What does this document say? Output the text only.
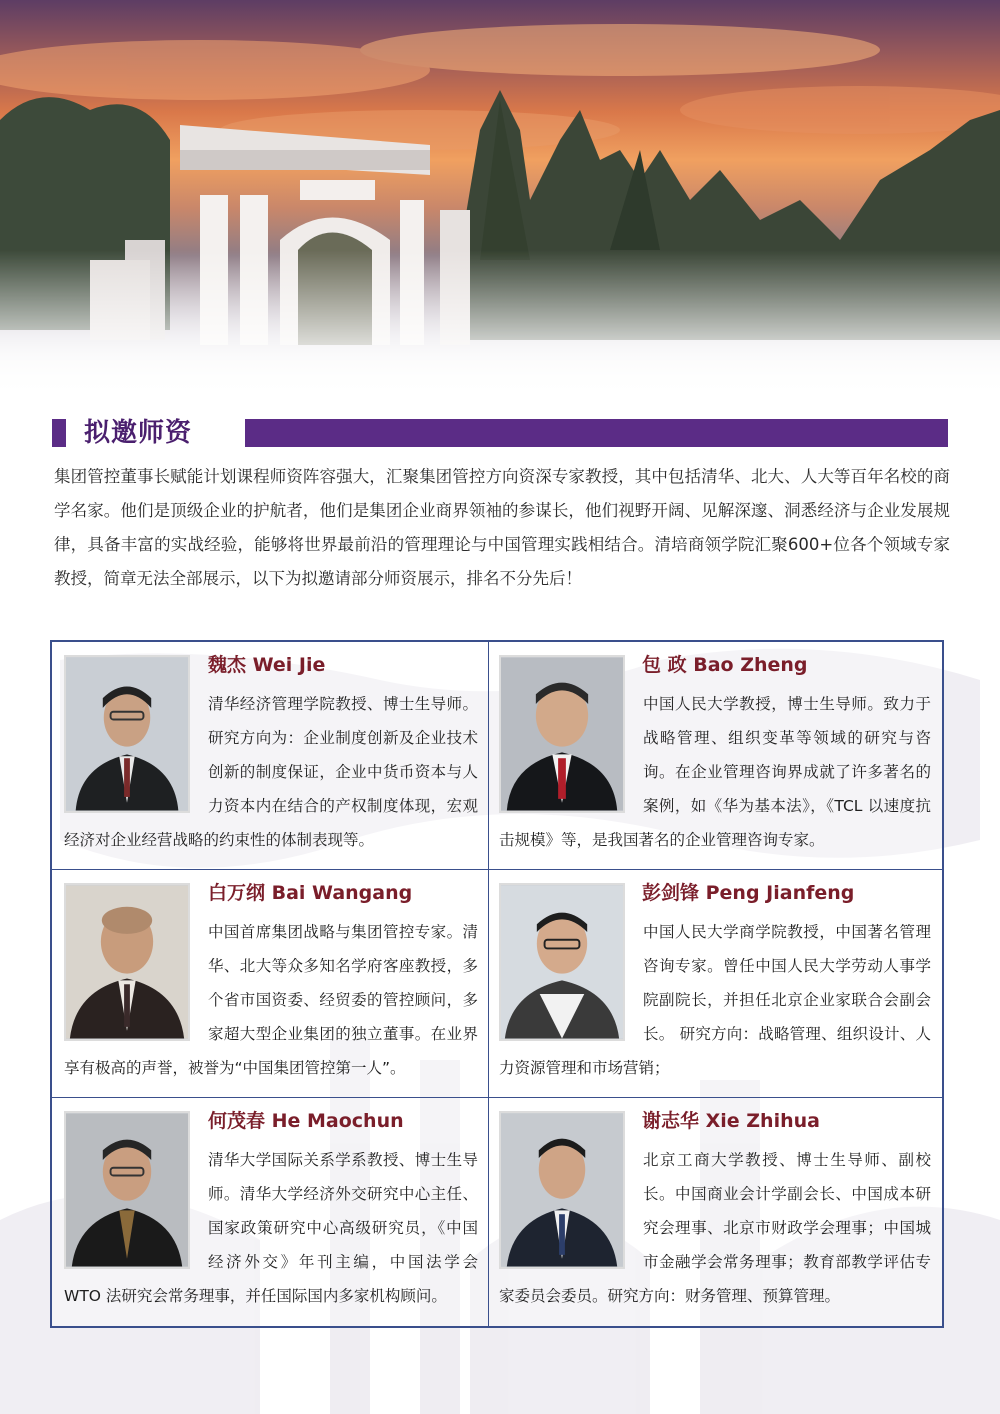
拟邀师资
集团管控董事长赋能计划课程师资阵容强大，汇聚集团管控方向资深专家教授，其中包括清华、北大、人大等百年名校的商学名家。他们是顶级企业的护航者，他们是集团企业商界领袖的参谋长，他们视野开阔、见解深邃、洞悉经济与企业发展规律，具备丰富的实战经验，能够将世界最前沿的管理理论与中国管理实践相结合。清培商领学院汇聚600+位各个领域专家教授，简章无法全部展示，以下为拟邀请部分师资展示，排名不分先后！
魏杰 Wei Jie
清华经济管理学院教授、博士生导师。研究方向为：企业制度创新及企业技术创新的制度保证，企业中货币资本与人力资本内在结合的产权制度体现，宏观经济对企业经营战略的约束性的体制表现等。
包 政 Bao Zheng
中国人民大学教授，博士生导师。致力于战略管理、组织变革等领域的研究与咨询。在企业管理咨询界成就了许多著名的案例，如《华为基本法》，《TCL 以速度抗击规模》等，是我国著名的企业管理咨询专家。
白万纲 Bai Wangang
中国首席集团战略与集团管控专家。清华、北大等众多知名学府客座教授，多个省市国资委、经贸委的管控顾问，多家超大型企业集团的独立董事。在业界享有极高的声誉，被誉为“中国集团管控第一人”。
彭剑锋 Peng Jianfeng
中国人民大学商学院教授，中国著名管理咨询专家。曾任中国人民大学劳动人事学院副院长，并担任北京企业家联合会副会长。 研究方向：战略管理、组织设计、人力资源管理和市场营销；
何茂春 He Maochun
清华大学国际关系学系教授、博士生导师。清华大学经济外交研究中心主任、国家政策研究中心高级研究员，《中国经济外交》年刊主编，中国法学会 WTO 法研究会常务理事，并任国际国内多家机构顾问。
谢志华 Xie Zhihua
北京工商大学教授、博士生导师、副校长。中国商业会计学副会长、中国成本研究会理事、北京市财政学会理事；中国城市金融学会常务理事；教育部教学评估专家委员会委员。研究方向：财务管理、预算管理。
